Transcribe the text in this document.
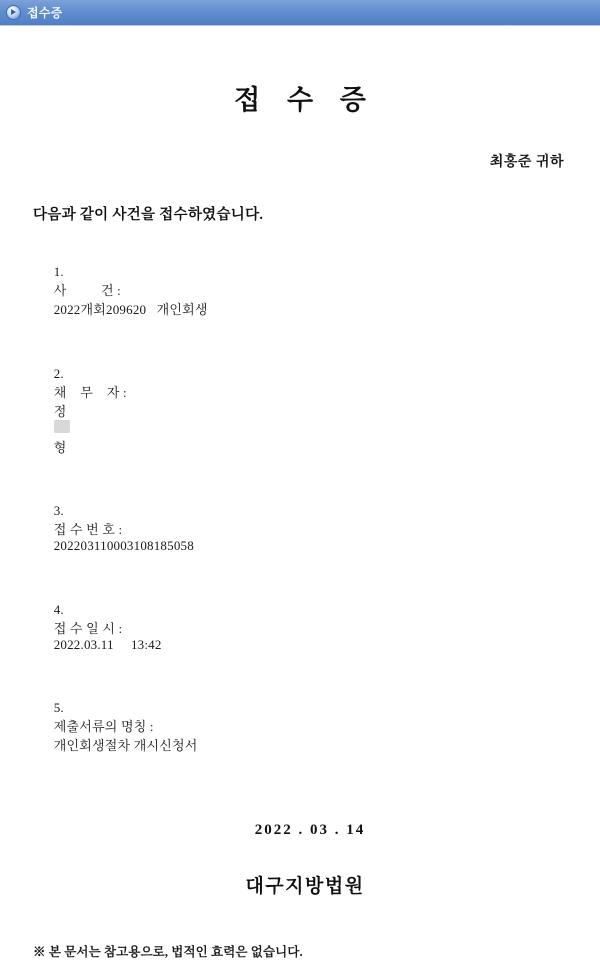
접수증
접 수 증
최홍준 귀하
다음과 같이 사건을 접수하였습니다.

1.
사          건 :
2022개회209620   개인회생

2.
채    무    자 :
정

형

3.
접 수 번 호 :
202203110003108185058

4.
접 수 일 시 :
2022.03.11     13:42

5.
제출서류의 명칭 :
개인회생절차 개시신청서

2022 . 03 . 14
대구지방법원
※ 본 문서는 참고용으로, 법적인 효력은 없습니다.
